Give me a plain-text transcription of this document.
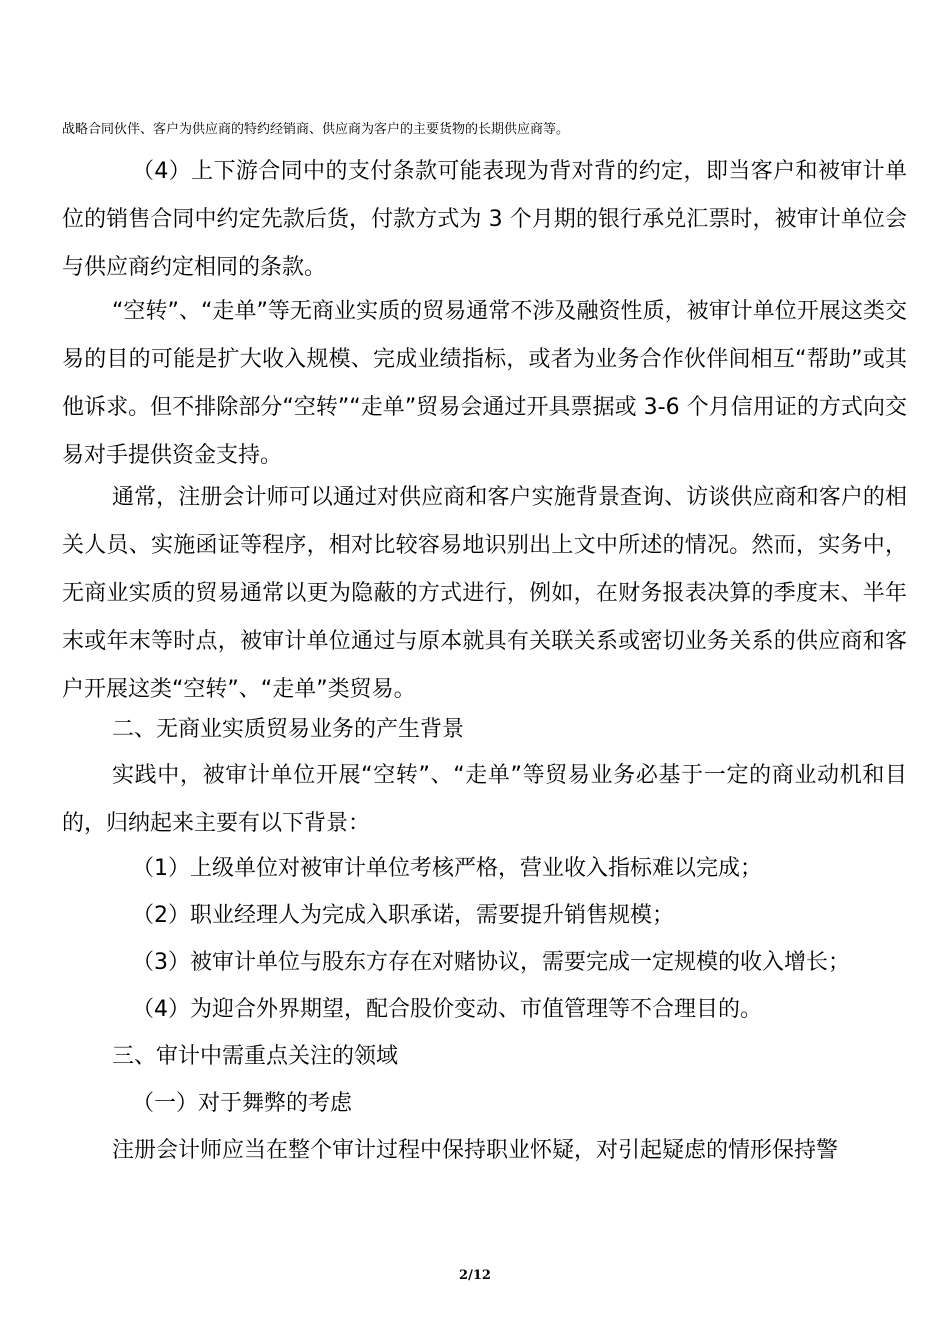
战略合同伙伴、客户为供应商的特约经销商、供应商为客户的主要货物的长期供应商等。

（4）上下游合同中的支付条款可能表现为背对背的约定，即当客户和被审计单位的销售合同中约定先款后货，付款方式为 3 个月期的银行承兑汇票时，被审计单位会与供应商约定相同的条款。

“空转”、“走单”等无商业实质的贸易通常不涉及融资性质，被审计单位开展这类交易的目的可能是扩大收入规模、完成业绩指标，或者为业务合作伙伴间相互“帮助”或其他诉求。但不排除部分“空转”“走单”贸易会通过开具票据或 3-6 个月信用证的方式向交易对手提供资金支持。

通常，注册会计师可以通过对供应商和客户实施背景查询、访谈供应商和客户的相关人员、实施函证等程序，相对比较容易地识别出上文中所述的情况。然而，实务中，无商业实质的贸易通常以更为隐蔽的方式进行，例如，在财务报表决算的季度末、半年末或年末等时点，被审计单位通过与原本就具有关联关系或密切业务关系的供应商和客户开展这类“空转”、“走单”类贸易。

二、无商业实质贸易业务的产生背景

实践中，被审计单位开展“空转”、“走单”等贸易业务必基于一定的商业动机和目的，归纳起来主要有以下背景：

（1）上级单位对被审计单位考核严格，营业收入指标难以完成；
（2）职业经理人为完成入职承诺，需要提升销售规模；
（3）被审计单位与股东方存在对赌协议，需要完成一定规模的收入增长；
（4）为迎合外界期望，配合股价变动、市值管理等不合理目的。
三、审计中需重点关注的领域
（一）对于舞弊的考虑
注册会计师应当在整个审计过程中保持职业怀疑，对引起疑虑的情形保持警
2/12
